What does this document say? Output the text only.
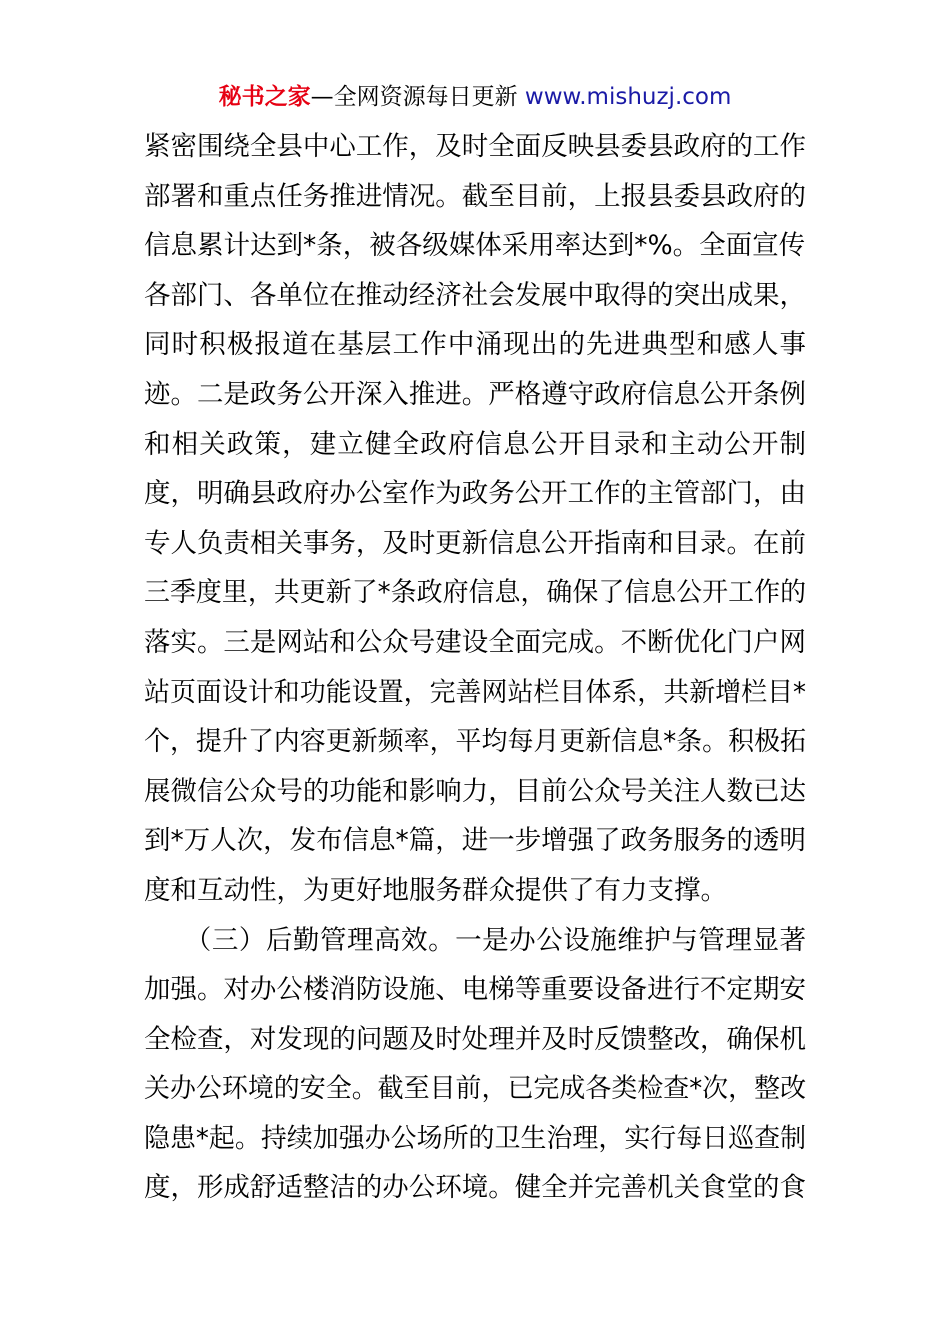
秘书之家—全网资源每日更新 www.mishuzj.com
紧密围绕全县中心工作，及时全面反映县委县政府的工作
部署和重点任务推进情况。截至目前，上报县委县政府的
信息累计达到*条，被各级媒体采用率达到*%。全面宣传
各部门、各单位在推动经济社会发展中取得的突出成果，
同时积极报道在基层工作中涌现出的先进典型和感人事
迹。二是政务公开深入推进。严格遵守政府信息公开条例
和相关政策，建立健全政府信息公开目录和主动公开制
度，明确县政府办公室作为政务公开工作的主管部门，由
专人负责相关事务，及时更新信息公开指南和目录。在前
三季度里，共更新了*条政府信息，确保了信息公开工作的
落实。三是网站和公众号建设全面完成。不断优化门户网
站页面设计和功能设置，完善网站栏目体系，共新增栏目*
个，提升了内容更新频率，平均每月更新信息*条。积极拓
展微信公众号的功能和影响力，目前公众号关注人数已达
到*万人次，发布信息*篇，进一步增强了政务服务的透明
度和互动性，为更好地服务群众提供了有力支撑。
　　（三）后勤管理高效。一是办公设施维护与管理显著
加强。对办公楼消防设施、电梯等重要设备进行不定期安
全检查，对发现的问题及时处理并及时反馈整改，确保机
关办公环境的安全。截至目前，已完成各类检查*次，整改
隐患*起。持续加强办公场所的卫生治理，实行每日巡查制
度，形成舒适整洁的办公环境。健全并完善机关食堂的食
